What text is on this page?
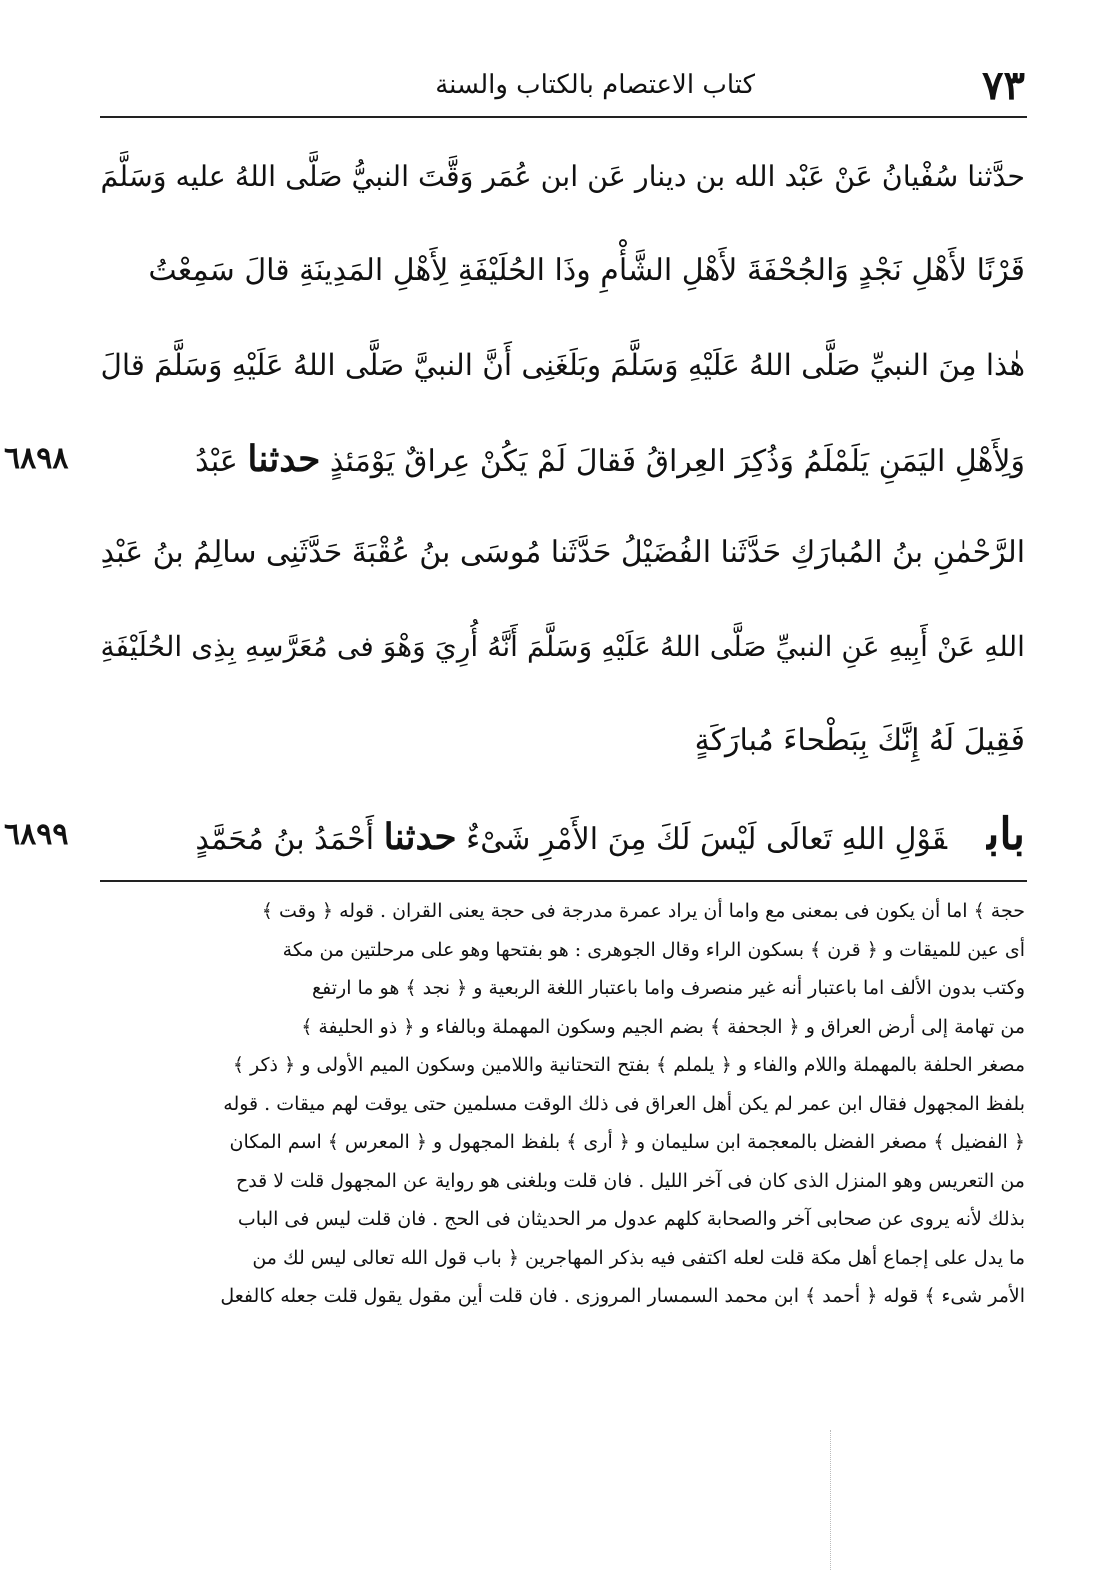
٧٣
كتاب الاعتصام بالكتاب والسنة
حدَّثنا سُفْيانُ عَنْ عَبْد الله بن دينار عَن ابن عُمَر وَقَّتَ النبيُّ صَلَّى اللهُ عليه وَسَلَّمَ
قَرْنًا لأَهْلِ نَجْدٍ وَالجُحْفَةَ لأَهْلِ الشَّأْمِ وذَا الحُلَيْفَةِ لِأَهْلِ المَدِينَةِ قالَ سَمِعْتُ
هٰذا مِنَ النبيِّ صَلَّى اللهُ عَلَيْهِ وَسَلَّمَ وبَلَغَنِى أَنَّ النبيَّ صَلَّى اللهُ عَلَيْهِ وَسَلَّمَ قالَ
٦٨٩٨	وَلِأَهْلِ اليَمَنِ يَلَمْلَمُ وَذُكِرَ العِراقُ فَقالَ لَمْ يَكُنْ عِراقٌ يَوْمَئذٍ حدثنا عَبْدُ
الرَّحْمٰنِ بنُ المُبارَكِ حَدَّثَنا الفُضَيْلُ حَدَّثَنا مُوسَى بنُ عُقْبَةَ حَدَّثَنِى سالِمُ بنُ عَبْدِ
اللهِ عَنْ أَبِيهِ عَنِ النبيِّ صَلَّى اللهُ عَلَيْهِ وَسَلَّمَ أَنَّهُ أُرِيَ وَهْوَ فى مُعَرَّسِهِ بِذِى الحُلَيْفَةِ
فَقِيلَ لَهُ إِنَّكَ بِبَطْحاءَ مُبارَكَةٍ
٦٨٩٩	بابقَوْلِ اللهِ تَعالَى لَيْسَ لَكَ مِنَ الأَمْرِ شَىْءٌ حدثنا أَحْمَدُ بنُ مُحَمَّدٍ
حجة ﴾ اما أن يكون فى بمعنى مع واما أن يراد عمرة مدرجة فى حجة يعنى القران . قوله ﴿ وقت ﴾
أى عين للميقات و ﴿ قرن ﴾ بسكون الراء وقال الجوهرى : هو بفتحها وهو على مرحلتين من مكة
وكتب بدون الألف اما باعتبار أنه غير منصرف واما باعتبار اللغة الربعية و ﴿ نجد ﴾ هو ما ارتفع
من تهامة إلى أرض العراق و ﴿ الجحفة ﴾ بضم الجيم وسكون المهملة وبالفاء و ﴿ ذو الحليفة ﴾
مصغر الحلفة بالمهملة واللام والفاء و ﴿ يلملم ﴾ بفتح التحتانية واللامين وسكون الميم الأولى و ﴿ ذكر ﴾
بلفظ المجهول فقال ابن عمر لم يكن أهل العراق فى ذلك الوقت مسلمين حتى يوقت لهم ميقات . قوله
﴿ الفضيل ﴾ مصغر الفضل بالمعجمة ابن سليمان و ﴿ أرى ﴾ بلفظ المجهول و ﴿ المعرس ﴾ اسم المكان
من التعريس وهو المنزل الذى كان فى آخر الليل . فان قلت وبلغنى هو رواية عن المجهول قلت لا قدح
بذلك لأنه يروى عن صحابى آخر والصحابة كلهم عدول مر الحديثان فى الحج . فان قلت ليس فى الباب
ما يدل على إجماع أهل مكة قلت لعله اكتفى فيه بذكر المهاجرين ﴿ باب قول الله تعالى ليس لك من
الأمر شىء ﴾ قوله ﴿ أحمد ﴾ ابن محمد السمسار المروزى . فان قلت أين مقول يقول قلت جعله كالفعل
